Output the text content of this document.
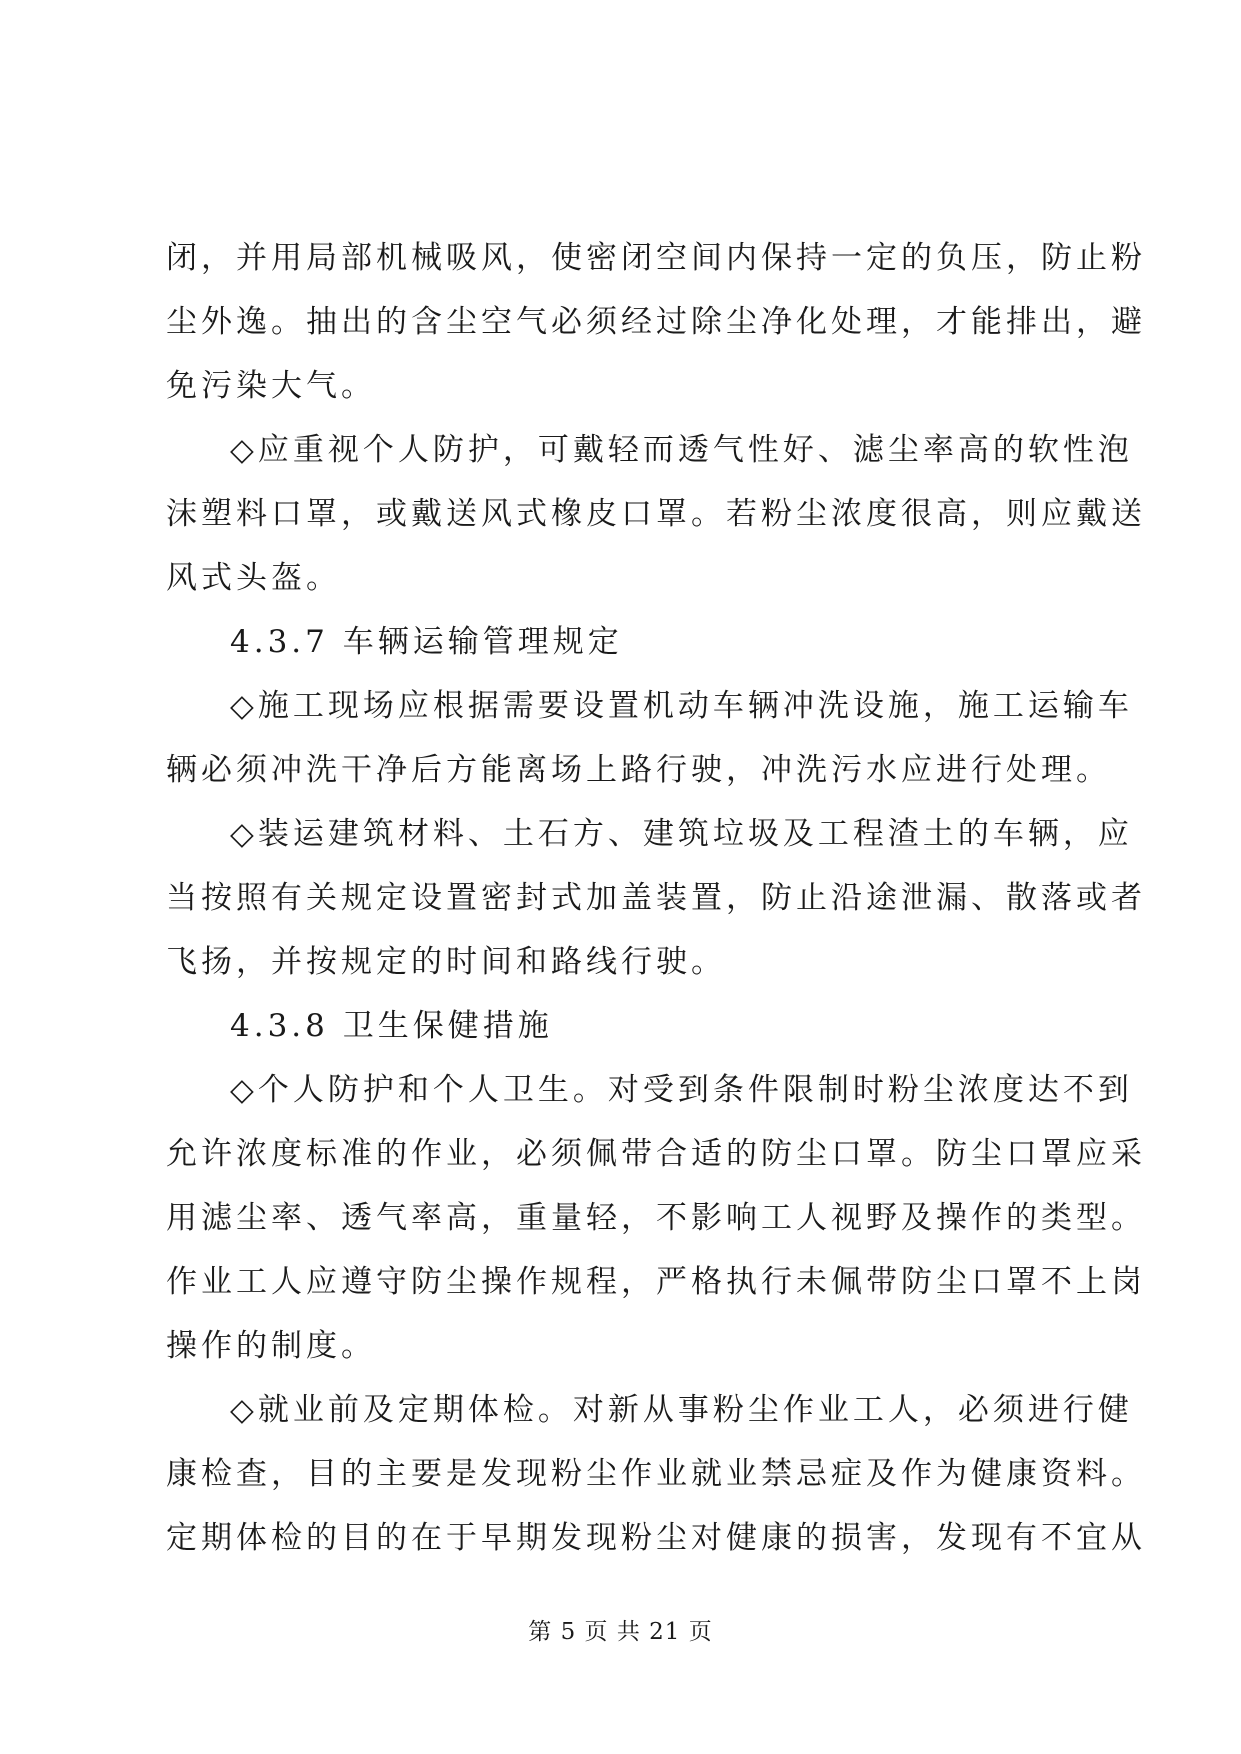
闭，并用局部机械吸风，使密闭空间内保持一定的负压，防止粉
尘外逸。抽出的含尘空气必须经过除尘净化处理，才能排出，避
免污染大气。
◇应重视个人防护，可戴轻而透气性好、滤尘率高的软性泡
沫塑料口罩，或戴送风式橡皮口罩。若粉尘浓度很高，则应戴送
风式头盔。
4.3.7 车辆运输管理规定
◇施工现场应根据需要设置机动车辆冲洗设施，施工运输车
辆必须冲洗干净后方能离场上路行驶，冲洗污水应进行处理。
◇装运建筑材料、土石方、建筑垃圾及工程渣土的车辆，应
当按照有关规定设置密封式加盖装置，防止沿途泄漏、散落或者
飞扬，并按规定的时间和路线行驶。
4.3.8 卫生保健措施
◇个人防护和个人卫生。对受到条件限制时粉尘浓度达不到
允许浓度标准的作业，必须佩带合适的防尘口罩。防尘口罩应采
用滤尘率、透气率高，重量轻，不影响工人视野及操作的类型。
作业工人应遵守防尘操作规程，严格执行未佩带防尘口罩不上岗
操作的制度。
◇就业前及定期体检。对新从事粉尘作业工人，必须进行健
康检查，目的主要是发现粉尘作业就业禁忌症及作为健康资料。
定期体检的目的在于早期发现粉尘对健康的损害，发现有不宜从
第 5 页 共 21 页
